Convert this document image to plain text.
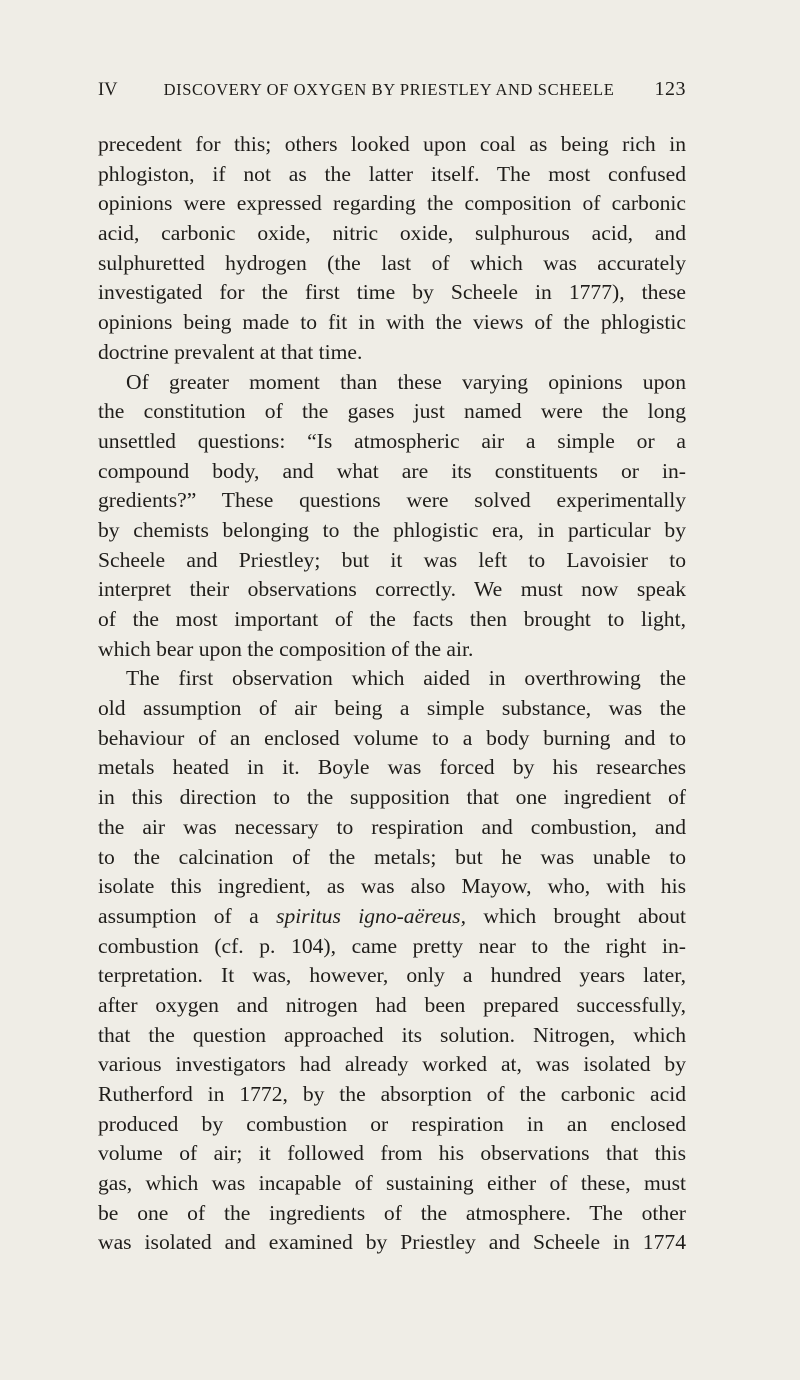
IV	DISCOVERY OF OXYGEN BY PRIESTLEY AND SCHEELE	123
precedent for this; others looked upon coal as being rich in
phlogiston, if not as the latter itself. The most confused
opinions were expressed regarding the composition of carbonic
acid, carbonic oxide, nitric oxide, sulphurous acid, and
sulphuretted hydrogen (the last of which was accurately
investigated for the first time by Scheele in 1777), these
opinions being made to fit in with the views of the phlogistic
doctrine prevalent at that time.
Of greater moment than these varying opinions upon
the constitution of the gases just named were the long
unsettled questions: “Is atmospheric air a simple or a
compound body, and what are its constituents or in-
gredients?” These questions were solved experimentally
by chemists belonging to the phlogistic era, in particular by
Scheele and Priestley; but it was left to Lavoisier to
interpret their observations correctly. We must now speak
of the most important of the facts then brought to light,
which bear upon the composition of the air.
The first observation which aided in overthrowing the
old assumption of air being a simple substance, was the
behaviour of an enclosed volume to a body burning and to
metals heated in it. Boyle was forced by his researches
in this direction to the supposition that one ingredient of
the air was necessary to respiration and combustion, and
to the calcination of the metals; but he was unable to
isolate this ingredient, as was also Mayow, who, with his
assumption of a spiritus igno-aëreus, which brought about
combustion (cf. p. 104), came pretty near to the right in-
terpretation. It was, however, only a hundred years later,
after oxygen and nitrogen had been prepared successfully,
that the question approached its solution. Nitrogen, which
various investigators had already worked at, was isolated by
Rutherford in 1772, by the absorption of the carbonic acid
produced by combustion or respiration in an enclosed
volume of air; it followed from his observations that this
gas, which was incapable of sustaining either of these, must
be one of the ingredients of the atmosphere. The other
was isolated and examined by Priestley and Scheele in 1774
